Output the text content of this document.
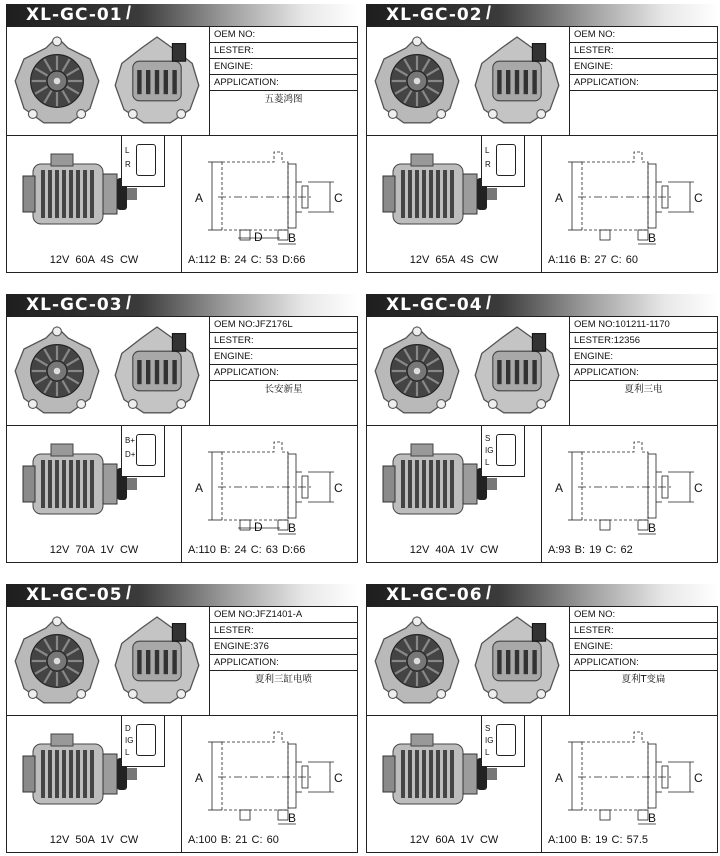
XL-GC-01 /
OEM NO:
LESTER:
ENGINE:
APPLICATION:
五菱鸿图
L
R
12V 60A 4S CW
A	C
B
D
A:112 B: 24 C: 53 D:66
XL-GC-02 /
OEM NO:
LESTER:
ENGINE:
APPLICATION:
L
R
12V 65A 4S CW
A	C
B
A:116 B: 27 C: 60
XL-GC-03 /
OEM NO:JFZ176L
LESTER:
ENGINE:
APPLICATION:
长安新星
B+
D+
12V 70A 1V CW
A	C
B
D
A:110 B: 24 C: 63 D:66
XL-GC-04 /
OEM NO:101211-1170
LESTER:12356
ENGINE:
APPLICATION:
夏利三电
S
IG
L
12V 40A 1V CW
A	C
B
A:93 B: 19 C: 62
XL-GC-05 /
OEM NO:JFZ1401-A
LESTER:
ENGINE:376
APPLICATION:
夏利三缸电喷
D
IG
L
12V 50A 1V CW
A	C
B
A:100 B: 21 C: 60
XL-GC-06 /
OEM NO:
LESTER:
ENGINE:
APPLICATION:
夏利T变扁
S
IG
L
12V 60A 1V CW
A	C
B
A:100 B: 19 C: 57.5
